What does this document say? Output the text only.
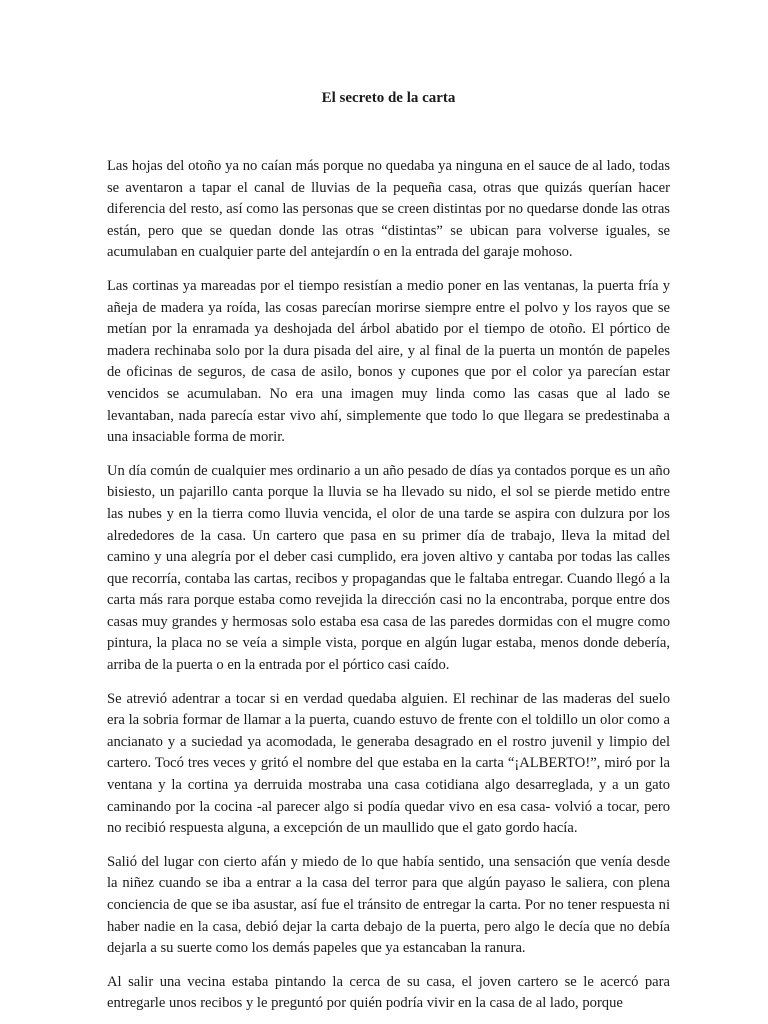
El secreto de la carta

Las hojas del otoño ya no caían más porque no quedaba ya ninguna en el sauce de al lado, todas se aventaron a tapar el canal de lluvias de la pequeña casa, otras que quizás querían hacer diferencia del resto, así como las personas que se creen distintas por no quedarse donde las otras están, pero que se quedan donde las otras “distintas” se ubican para volverse iguales, se acumulaban en cualquier parte del antejardín o en la entrada del garaje mohoso.

Las cortinas ya mareadas por el tiempo resistían a medio poner en las ventanas, la puerta fría y añeja de madera ya roída, las cosas parecían morirse siempre entre el polvo y los rayos que se metían por la enramada ya deshojada del árbol abatido por el tiempo de otoño. El pórtico de madera rechinaba solo por la dura pisada del aire, y al final de la puerta un montón de papeles de oficinas de seguros, de casa de asilo, bonos y cupones que por el color ya parecían estar vencidos se acumulaban. No era una imagen muy linda como las casas que al lado se levantaban, nada parecía estar vivo ahí, simplemente que todo lo que llegara se predestinaba a una insaciable forma de morir.

Un día común de cualquier mes ordinario a un año pesado de días ya contados porque es un año bisiesto, un pajarillo canta porque la lluvia se ha llevado su nido, el sol se pierde metido entre las nubes y en la tierra como lluvia vencida, el olor de una tarde se aspira con dulzura por los alrededores de la casa. Un cartero que pasa en su primer día de trabajo, lleva la mitad del camino y una alegría por el deber casi cumplido, era joven altivo y cantaba por todas las calles que recorría, contaba las cartas, recibos y propagandas que le faltaba entregar. Cuando llegó a la carta más rara porque estaba como revejida la dirección casi no la encontraba, porque entre dos casas muy grandes y hermosas solo estaba esa casa de las paredes dormidas con el mugre como pintura, la placa no se veía a simple vista, porque en algún lugar estaba, menos donde debería, arriba de la puerta o en la entrada por el pórtico casi caído.

Se atrevió adentrar a tocar si en verdad quedaba alguien. El rechinar de las maderas del suelo era la sobria formar de llamar a la puerta, cuando estuvo de frente con el toldillo un olor como a ancianato y a suciedad ya acomodada, le generaba desagrado en el rostro juvenil y limpio del cartero. Tocó tres veces y gritó el nombre del que estaba en la carta “¡ALBERTO!”, miró por la ventana y la cortina ya derruida mostraba una casa cotidiana algo desarreglada, y a un gato caminando por la cocina -al parecer algo si podía quedar vivo en esa casa- volvió a tocar, pero no recibió respuesta alguna, a excepción de un maullido que el gato gordo hacía.

Salió del lugar con cierto afán y miedo de lo que había sentido, una sensación que venía desde la niñez cuando se iba a entrar a la casa del terror para que algún payaso le saliera, con plena conciencia de que se iba asustar, así fue el tránsito de entregar la carta. Por no tener respuesta ni haber nadie en la casa, debió dejar la carta debajo de la puerta, pero algo le decía que no debía dejarla a su suerte como los demás papeles que ya estancaban la ranura.

Al salir una vecina estaba pintando la cerca de su casa, el joven cartero se le acercó para entregarle unos recibos y le preguntó por quién podría vivir en la casa de al lado, porque
